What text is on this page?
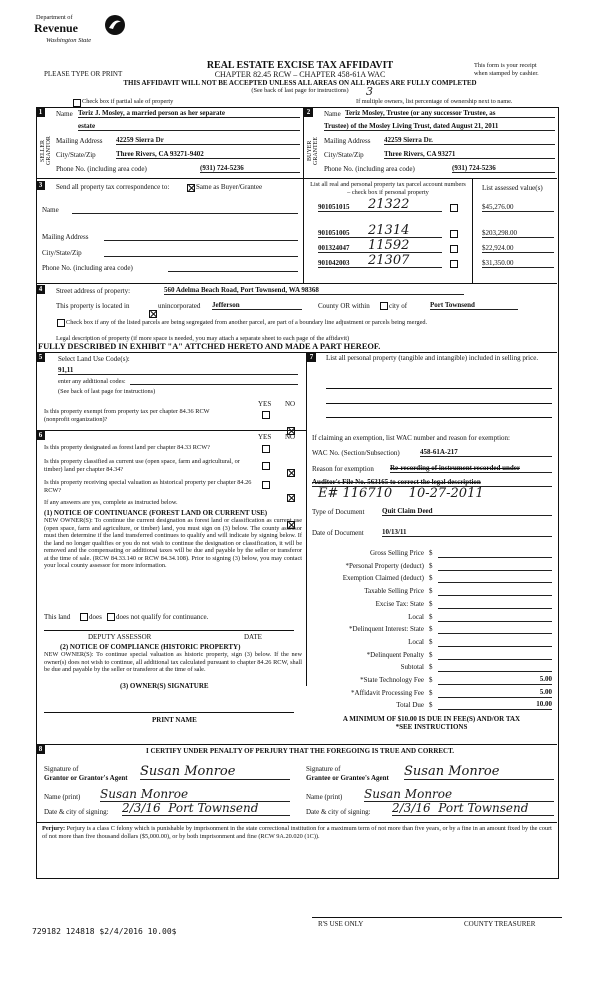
Department of
Revenue
Washington State
REAL ESTATE EXCISE TAX AFFIDAVIT
CHAPTER 82.45 RCW – CHAPTER 458-61A WAC
PLEASE TYPE OR PRINT
This form is your receipt
when stamped by cashier.
THIS AFFIDAVIT WILL NOT BE ACCEPTED UNLESS ALL AREAS ON ALL PAGES ARE FULLY COMPLETED
(See back of last page for instructions)	3
Check box if partial sale of property	If multiple owners, list percentage of ownership next to name.
1
SELLER GRANTOR
Name Teriz J. Mosley, a married person as her separate
estate
Mailing Address 42259 Sierra Dr
City/State/Zip	Three Rivers, CA 93271-9402
Phone No. (including area code)	(931) 724-5236
2
BUYER GRANTEE
Name Teriz Mosley, Trustee (or any successor Trustee, as
Trustee) of the Mosley Living Trust, dated August 21, 2011
Mailing Address 42259 Sierra Dr.
City/State/Zip	Three Rivers, CA 93271
Phone No. (including area code)	(931) 724-5236
3	Send all property tax correspondence to:	Same as Buyer/Grantee
Name
Mailing Address
City/State/Zip
Phone No. (including area code)
List all real and personal property tax parcel account numbers – check box if personal property	List assessed value(s)
901051015	21322	$45,276.00
901051005	21314	$203,298.00
001324047	11592	$22,924.00
901042003	21307	$31,350.00
4	Street address of property:	560 Adelma Beach Road, Port Townsend, WA 98368
This property is located in	unincorporated Jefferson	County OR within	city of	Port Townsend
Check box if any of the listed parcels are being segregated from another parcel, are part of a boundary line adjustment or parcels being merged.
Legal description of property (if more space is needed, you may attach a separate sheet to each page of the affidavit)
FULLY DESCRIBED IN EXHIBIT "A" ATTCHED HERETO AND MADE A PART HEREOF.
5	Select Land Use Code(s):
91,11
enter any additional codes:
(See back of last page for instructions)
YES NO
Is this property exempt from property tax per chapter 84.36 RCW (nonprofit organization)?
6	YES NO
Is this property designated as forest land per chapter 84.33 RCW?
Is this property classified as current use (open space, farm and agricultural, or timber) land per chapter 84.34?
Is this property receiving special valuation as historical property per chapter 84.26 RCW?
If any answers are yes, complete as instructed below.
(1) NOTICE OF CONTINUANCE (FOREST LAND OR CURRENT USE)
NEW OWNER(S): To continue the current designation as forest land or classification as current use (open space, farm and agriculture, or timber) land, you must sign on (3) below. The county assessor must then determine if the land transferred continues to qualify and will indicate by signing below. If the land no longer qualifies or you do not wish to continue the designation or classification, it will be removed and the compensating or additional taxes will be due and payable by the seller or transferor at the time of sale. (RCW 84.33.140 or RCW 84.34.108). Prior to signing (3) below, you may contact your local county assessor for more information.
This land	does does not qualify for continuance.
DEPUTY ASSESSOR	DATE
(2) NOTICE OF COMPLIANCE (HISTORIC PROPERTY)
NEW OWNER(S): To continue special valuation as historic property, sign (3) below. If the new owner(s) does not wish to continue, all additional tax calculated pursuant to chapter 84.26 RCW, shall be due and payable by the seller or transferor at the time of sale.
(3) OWNER(S) SIGNATURE
PRINT NAME
7	List all personal property (tangible and intangible) included in selling price.
If claiming an exemption, list WAC number and reason for exemption:
WAC No. (Section/Subsection)	458-61A-217
Reason for exemption Re-recording of instrument recorded under
Auditor's File No. 563165 to correct the legal description
E# 116710    10-27-2011
Type of Document	Quit Claim Deed
Date of Document	10/13/11
Gross Selling Price $
*Personal Property (deduct) $
Exemption Claimed (deduct) $
Taxable Selling Price $
Excise Tax: State $
Local $
*Delinquent Interest: State $
Local $
*Delinquent Penalty $
Subtotal $
*State Technology Fee $	5.00
*Affidavit Processing Fee $	5.00
Total Due $	10.00
A MINIMUM OF $10.00 IS DUE IN FEE(S) AND/OR TAX
*SEE INSTRUCTIONS
8	I CERTIFY UNDER PENALTY OF PERJURY THAT THE FOREGOING IS TRUE AND CORRECT.
Signature of
Grantor or Grantor's Agent Susan Monroe
Name (print) Susan Monroe
Date & city of signing: 2/3/16  Port Townsend
Signature of
Grantee or Grantee's Agent Susan Monroe
Name (print) Susan Monroe
Date & city of signing: 2/3/16  Port Townsend
Perjury: Perjury is a class C felony which is punishable by imprisonment in the state correctional institution for a maximum term of not more than five years, or by a fine in an amount fixed by the court of not more than five thousand dollars ($5,000.00), or by both imprisonment and fine (RCW 9A.20.020 (1C)).
729182 124818 $2/4/2016 10.00$
R'S USE ONLY	COUNTY TREASURER
